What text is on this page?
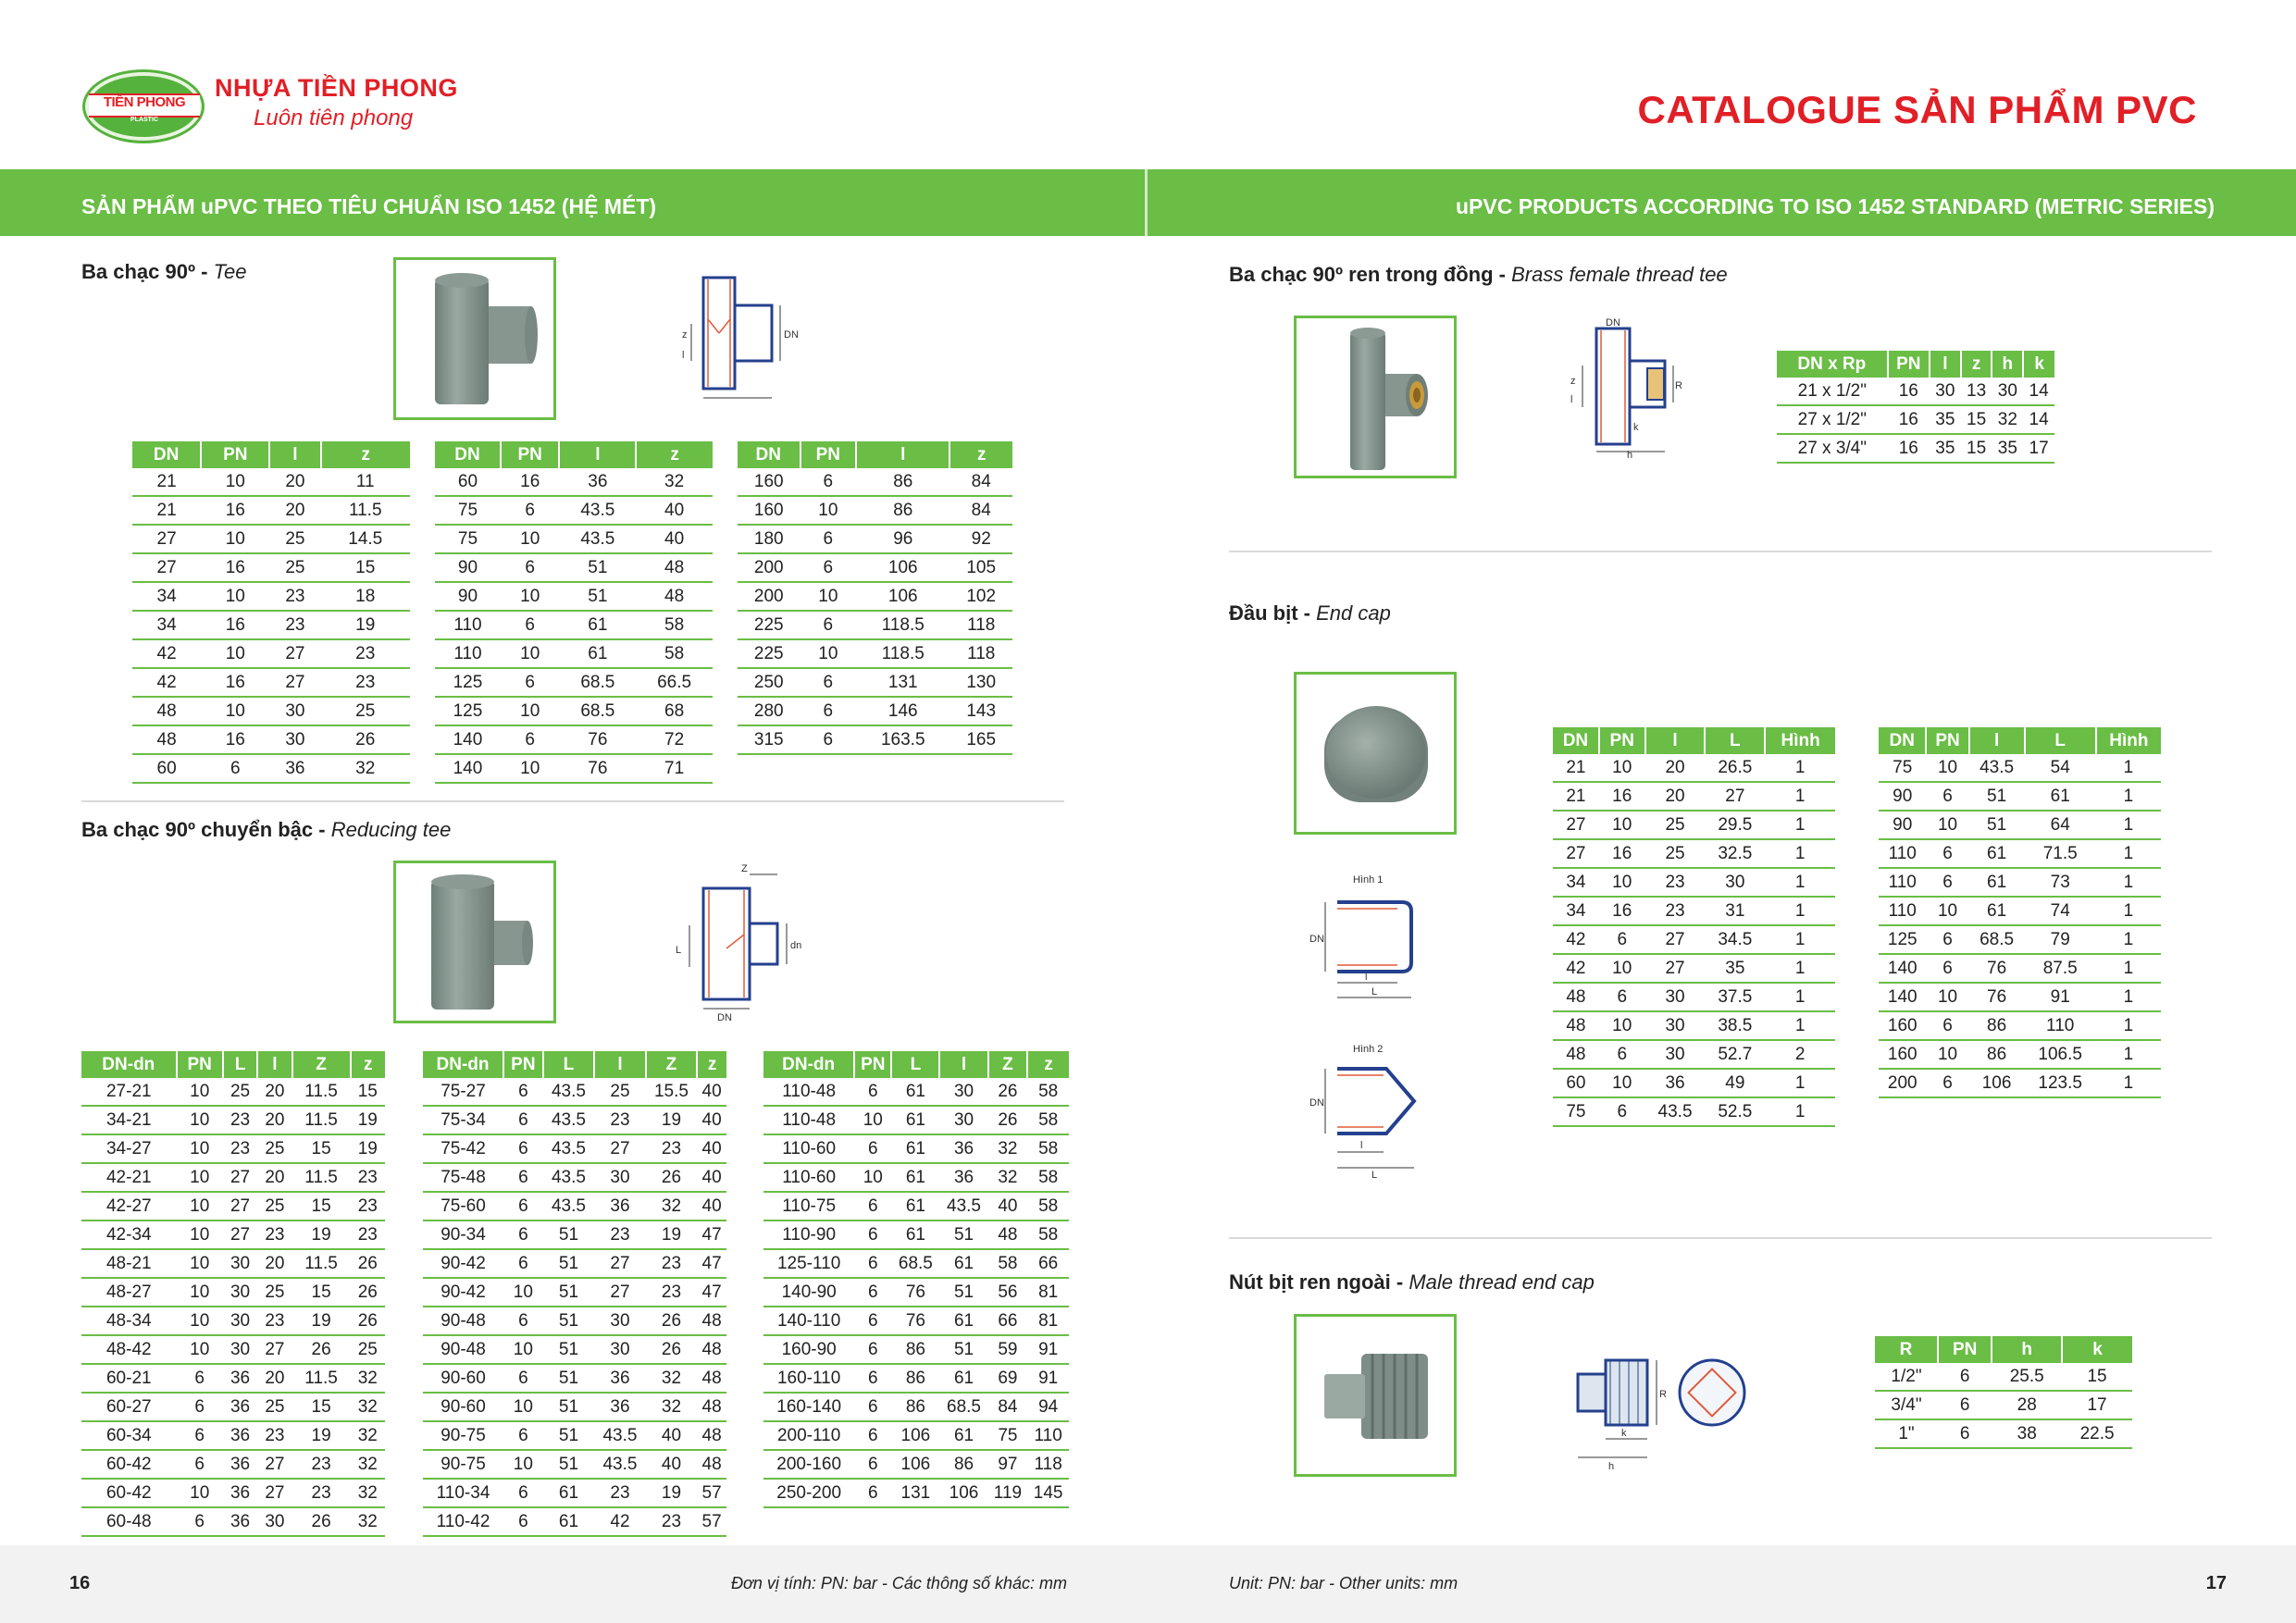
TIỀN PHONG
PLASTIC
NHỰA TIỀN PHONG
Luôn tiên phong	CATALOGUE SẢN PHẨM PVC
SẢN PHẨM uPVC THEO TIÊU CHUẨN ISO 1452 (HỆ MÉT)	uPVC PRODUCTS ACCORDING TO ISO 1452 STANDARD (METRIC SERIES)
Ba chạc 90º - Tee
z
l
DN
DN	PN	l	z
21	10	20	11
21	16	20	11.5
27	10	25	14.5
27	16	25	15
34	10	23	18
34	16	23	19
42	10	27	23
42	16	27	23
48	10	30	25
48	16	30	26
60	6	36	32
DN	PN	l	z
60	16	36	32
75	6	43.5	40
75	10	43.5	40
90	6	51	48
90	10	51	48
110	6	61	58
110	10	61	58
125	6	68.5	66.5
125	10	68.5	68
140	6	76	72
140	10	76	71
DN	PN	l	z
160	6	86	84
160	10	86	84
180	6	96	92
200	6	106	105
200	10	106	102
225	6	118.5	118
225	10	118.5	118
250	6	131	130
280	6	146	143
315	6	163.5	165
Ba chạc 90º chuyển bậc - Reducing tee
Z
L	dn
DN
DN-dn	PN	L	l	Z	z
27-21	10	25	20	11.5	15
34-21	10	23	20	11.5	19
34-27	10	23	25	15	19
42-21	10	27	20	11.5	23
42-27	10	27	25	15	23
42-34	10	27	23	19	23
48-21	10	30	20	11.5	26
48-27	10	30	25	15	26
48-34	10	30	23	19	26
48-42	10	30	27	26	25
60-21	6	36	20	11.5	32
60-27	6	36	25	15	32
60-34	6	36	23	19	32
60-42	6	36	27	23	32
60-42	10	36	27	23	32
60-48	6	36	30	26	32
DN-dn	PN	L	l	Z	z
75-27	6	43.5	25	15.5	40
75-34	6	43.5	23	19	40
75-42	6	43.5	27	23	40
75-48	6	43.5	30	26	40
75-60	6	43.5	36	32	40
90-34	6	51	23	19	47
90-42	6	51	27	23	47
90-42	10	51	27	23	47
90-48	6	51	30	26	48
90-48	10	51	30	26	48
90-60	6	51	36	32	48
90-60	10	51	36	32	48
90-75	6	51	43.5	40	48
90-75	10	51	43.5	40	48
110-34	6	61	23	19	57
110-42	6	61	42	23	57
DN-dn	PN	L	l	Z	z
110-48	6	61	30	26	58
110-48	10	61	30	26	58
110-60	6	61	36	32	58
110-60	10	61	36	32	58
110-75	6	61	43.5	40	58
110-90	6	61	51	48	58
125-110	6	68.5	61	58	66
140-90	6	76	51	56	81
140-110	6	76	61	66	81
160-90	6	86	51	59	91
160-110	6	86	61	69	91
160-140	6	86	68.5	84	94
200-110	6	106	61	75	110
200-160	6	106	86	97	118
250-200	6	131	106	119	145
Ba chạc 90º ren trong đồng - Brass female thread tee
DN
z
l
R
k
h
DN x Rp	PN	l	z	h	k
21 x 1/2"	16	30	13	30	14
27 x 1/2"	16	35	15	32	14
27 x 3/4"	16	35	15	35	17
Đầu bịt - End cap
Hình 1
DN
l
L
Hình 2
DN
l
L
DN	PN	l	L	Hình
21	10	20	26.5	1
21	16	20	27	1
27	10	25	29.5	1
27	16	25	32.5	1
34	10	23	30	1
34	16	23	31	1
42	6	27	34.5	1
42	10	27	35	1
48	6	30	37.5	1
48	10	30	38.5	1
48	6	30	52.7	2
60	10	36	49	1
75	6	43.5	52.5	1
DN	PN	l	L	Hình
75	10	43.5	54	1
90	6	51	61	1
90	10	51	64	1
110	6	61	71.5	1
110	6	61	73	1
110	10	61	74	1
125	6	68.5	79	1
140	6	76	87.5	1
140	10	76	91	1
160	6	86	110	1
160	10	86	106.5	1
200	6	106	123.5	1
Nút bịt ren ngoài - Male thread end cap
R
k
h
R	PN	h	k
1/2"	6	25.5	15
3/4"	6	28	17
1"	6	38	22.5
16	Đơn vị tính: PN: bar - Các thông số khác: mm	Unit: PN: bar - Other units: mm	17
